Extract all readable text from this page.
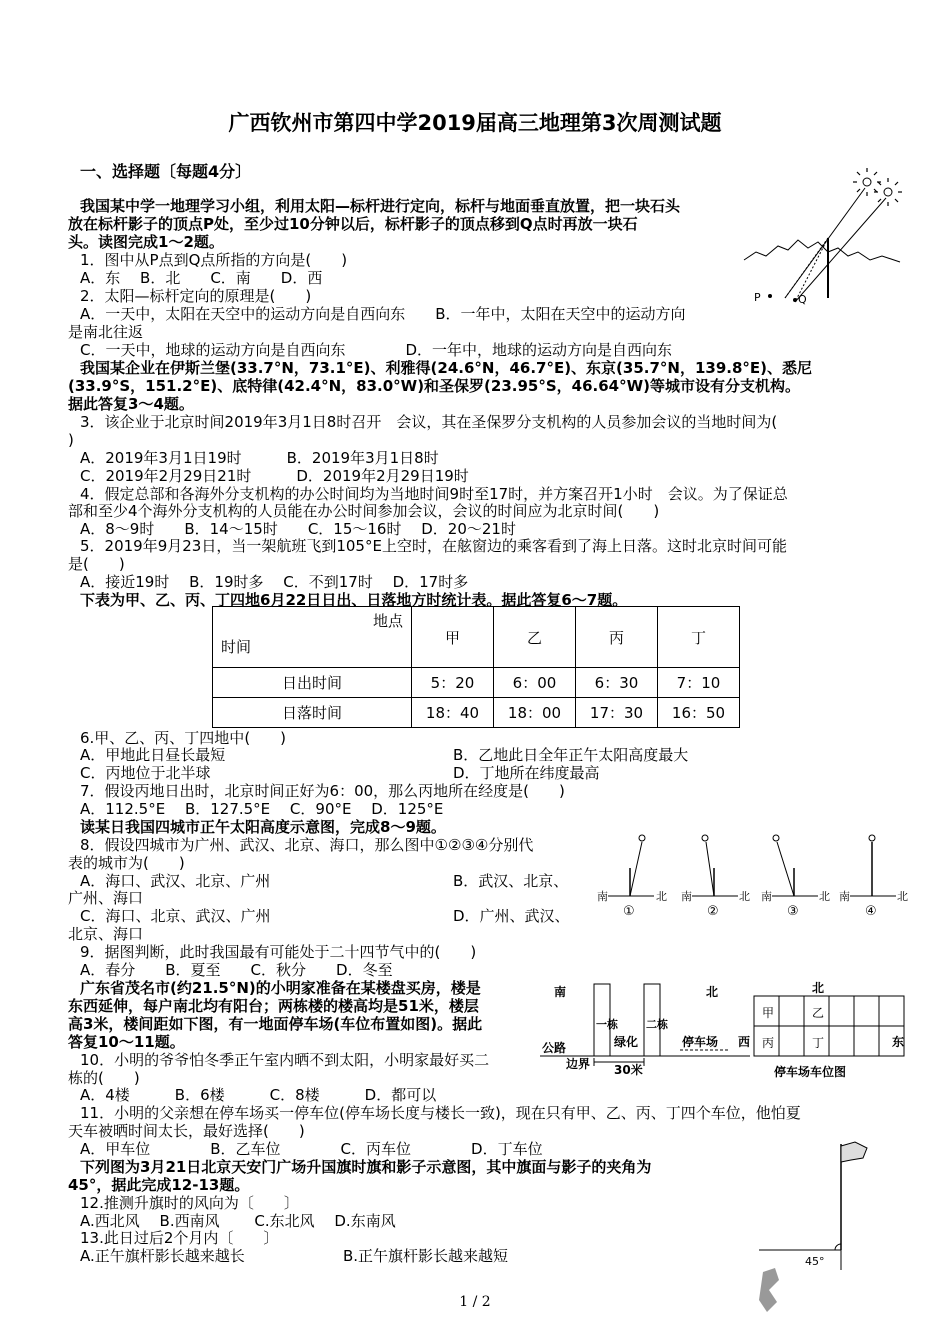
广西钦州市第四中学2019届高三地理第3次周测试题
一、选择题〔每题4分〕
我国某中学一地理学习小组，利用太阳—标杆进行定向，标杆与地面垂直放置，把一块石头
放在标杆影子的顶点P处，至少过10分钟以后，标杆影子的顶点移到Q点时再放一块石
头。读图完成1～2题。
1．图中从P点到Q点所指的方向是(　　)
A．东　 B．北　　C．南　　D．西
2．太阳—标杆定向的原理是(　　)
A．一天中，太阳在天空中的运动方向是自西向东　　B．一年中，太阳在天空中的运动方向
是南北往返
C．一天中，地球的运动方向是自西向东　　　　D．一年中，地球的运动方向是自西向东
我国某企业在伊斯兰堡(33.7°N，73.1°E)、利雅得(24.6°N，46.7°E)、东京(35.7°N，139.8°E)、悉尼
(33.9°S，151.2°E)、底特律(42.4°N，83.0°W)和圣保罗(23.95°S，46.64°W)等城市设有分支机构。
据此答复3～4题。
3．该企业于北京时间2019年3月1日8时召开　会议，其在圣保罗分支机构的人员参加会议的当地时间为(
)
A．2019年3月1日19时　　　B．2019年3月1日8时
C．2019年2月29日21时　　　D．2019年2月29日19时
4．假定总部和各海外分支机构的办公时间均为当地时间9时至17时，并方案召开1小时　会议。为了保证总
部和至少4个海外分支机构的人员能在办公时间参加会议，会议的时间应为北京时间(　　)
A．8～9时　　B．14～15时　　C．15～16时　 D．20～21时
5．2019年9月23日，当一架航班飞到105°E上空时，在舷窗边的乘客看到了海上日落。这时北京时间可能
是(　　)
A．接近19时　 B．19时多　 C．不到17时　 D．17时多
下表为甲、乙、丙、丁四地6月22日日出、日落地方时统计表。据此答复6～7题。
地点
时间	甲	乙	丙	丁
日出时间	5：20	6：00	6：30	7：10
日落时间	18：40	18：00	17：30	16：50
6.甲、乙、丙、丁四地中(　　)
A．甲地此日昼长最短	B．乙地此日全年正午太阳高度最大
C．丙地位于北半球	D．丁地所在纬度最高
7．假设丙地日出时，北京时间正好为6：00，那么丙地所在经度是(　　)
A．112.5°E　 B．127.5°E　 C．90°E　 D．125°E
读某日我国四城市正午太阳高度示意图，完成8～9题。
8．假设四城市为广州、武汉、北京、海口，那么图中①②③④分别代
表的城市为(　　)
A．海口、武汉、北京、广州	B．武汉、北京、
广州、海口
C．海口、北京、武汉、广州	D．广州、武汉、
北京、海口
9．据图判断，此时我国最有可能处于二十四节气中的(　　)
A．春分　　B．夏至　　C．秋分　　D．冬至
广东省茂名市(约21.5°N)的小明家准备在某楼盘买房，楼是
东西延伸，每户南北均有阳台；两栋楼的楼高均是51米，楼层
高3米，楼间距如下图，有一地面停车场(车位布置如图)。据此
答复10～11题。
10．小明的爷爷怕冬季正午室内晒不到太阳，小明家最好买二
栋的(　　)
A．4楼　　　B．6楼　　　C．8楼　　　D．都可以
11．小明的父亲想在停车场买一停车位(停车场长度与楼长一致)，现在只有甲、乙、丙、丁四个车位，他怕夏
天车被晒时间太长，最好选择(　　)
A．甲车位　　　　B．乙车位　　　　C．丙车位　　　　D．丁车位
下列图为3月21日北京天安门广场升国旗时旗和影子示意图，其中旗面与影子的夹角为
45°，据此完成12-13题。
12.推测升旗时的风向为〔　　〕
A.西北风　 B.西南风　　 C.东北风　 D.东南风
13.此日过后2个月内〔　　〕
A.正午旗杆影长越来越长	B.正午旗杆影长越来越短
P	Q
南	北 南	北 南	北 南	北
①	②	③	④
南	北
一栋	二栋
绿化
公路
边界 30米
停车场
北
西	东
甲	乙
丙	丁
停车场车位图
45°
1 / 2
